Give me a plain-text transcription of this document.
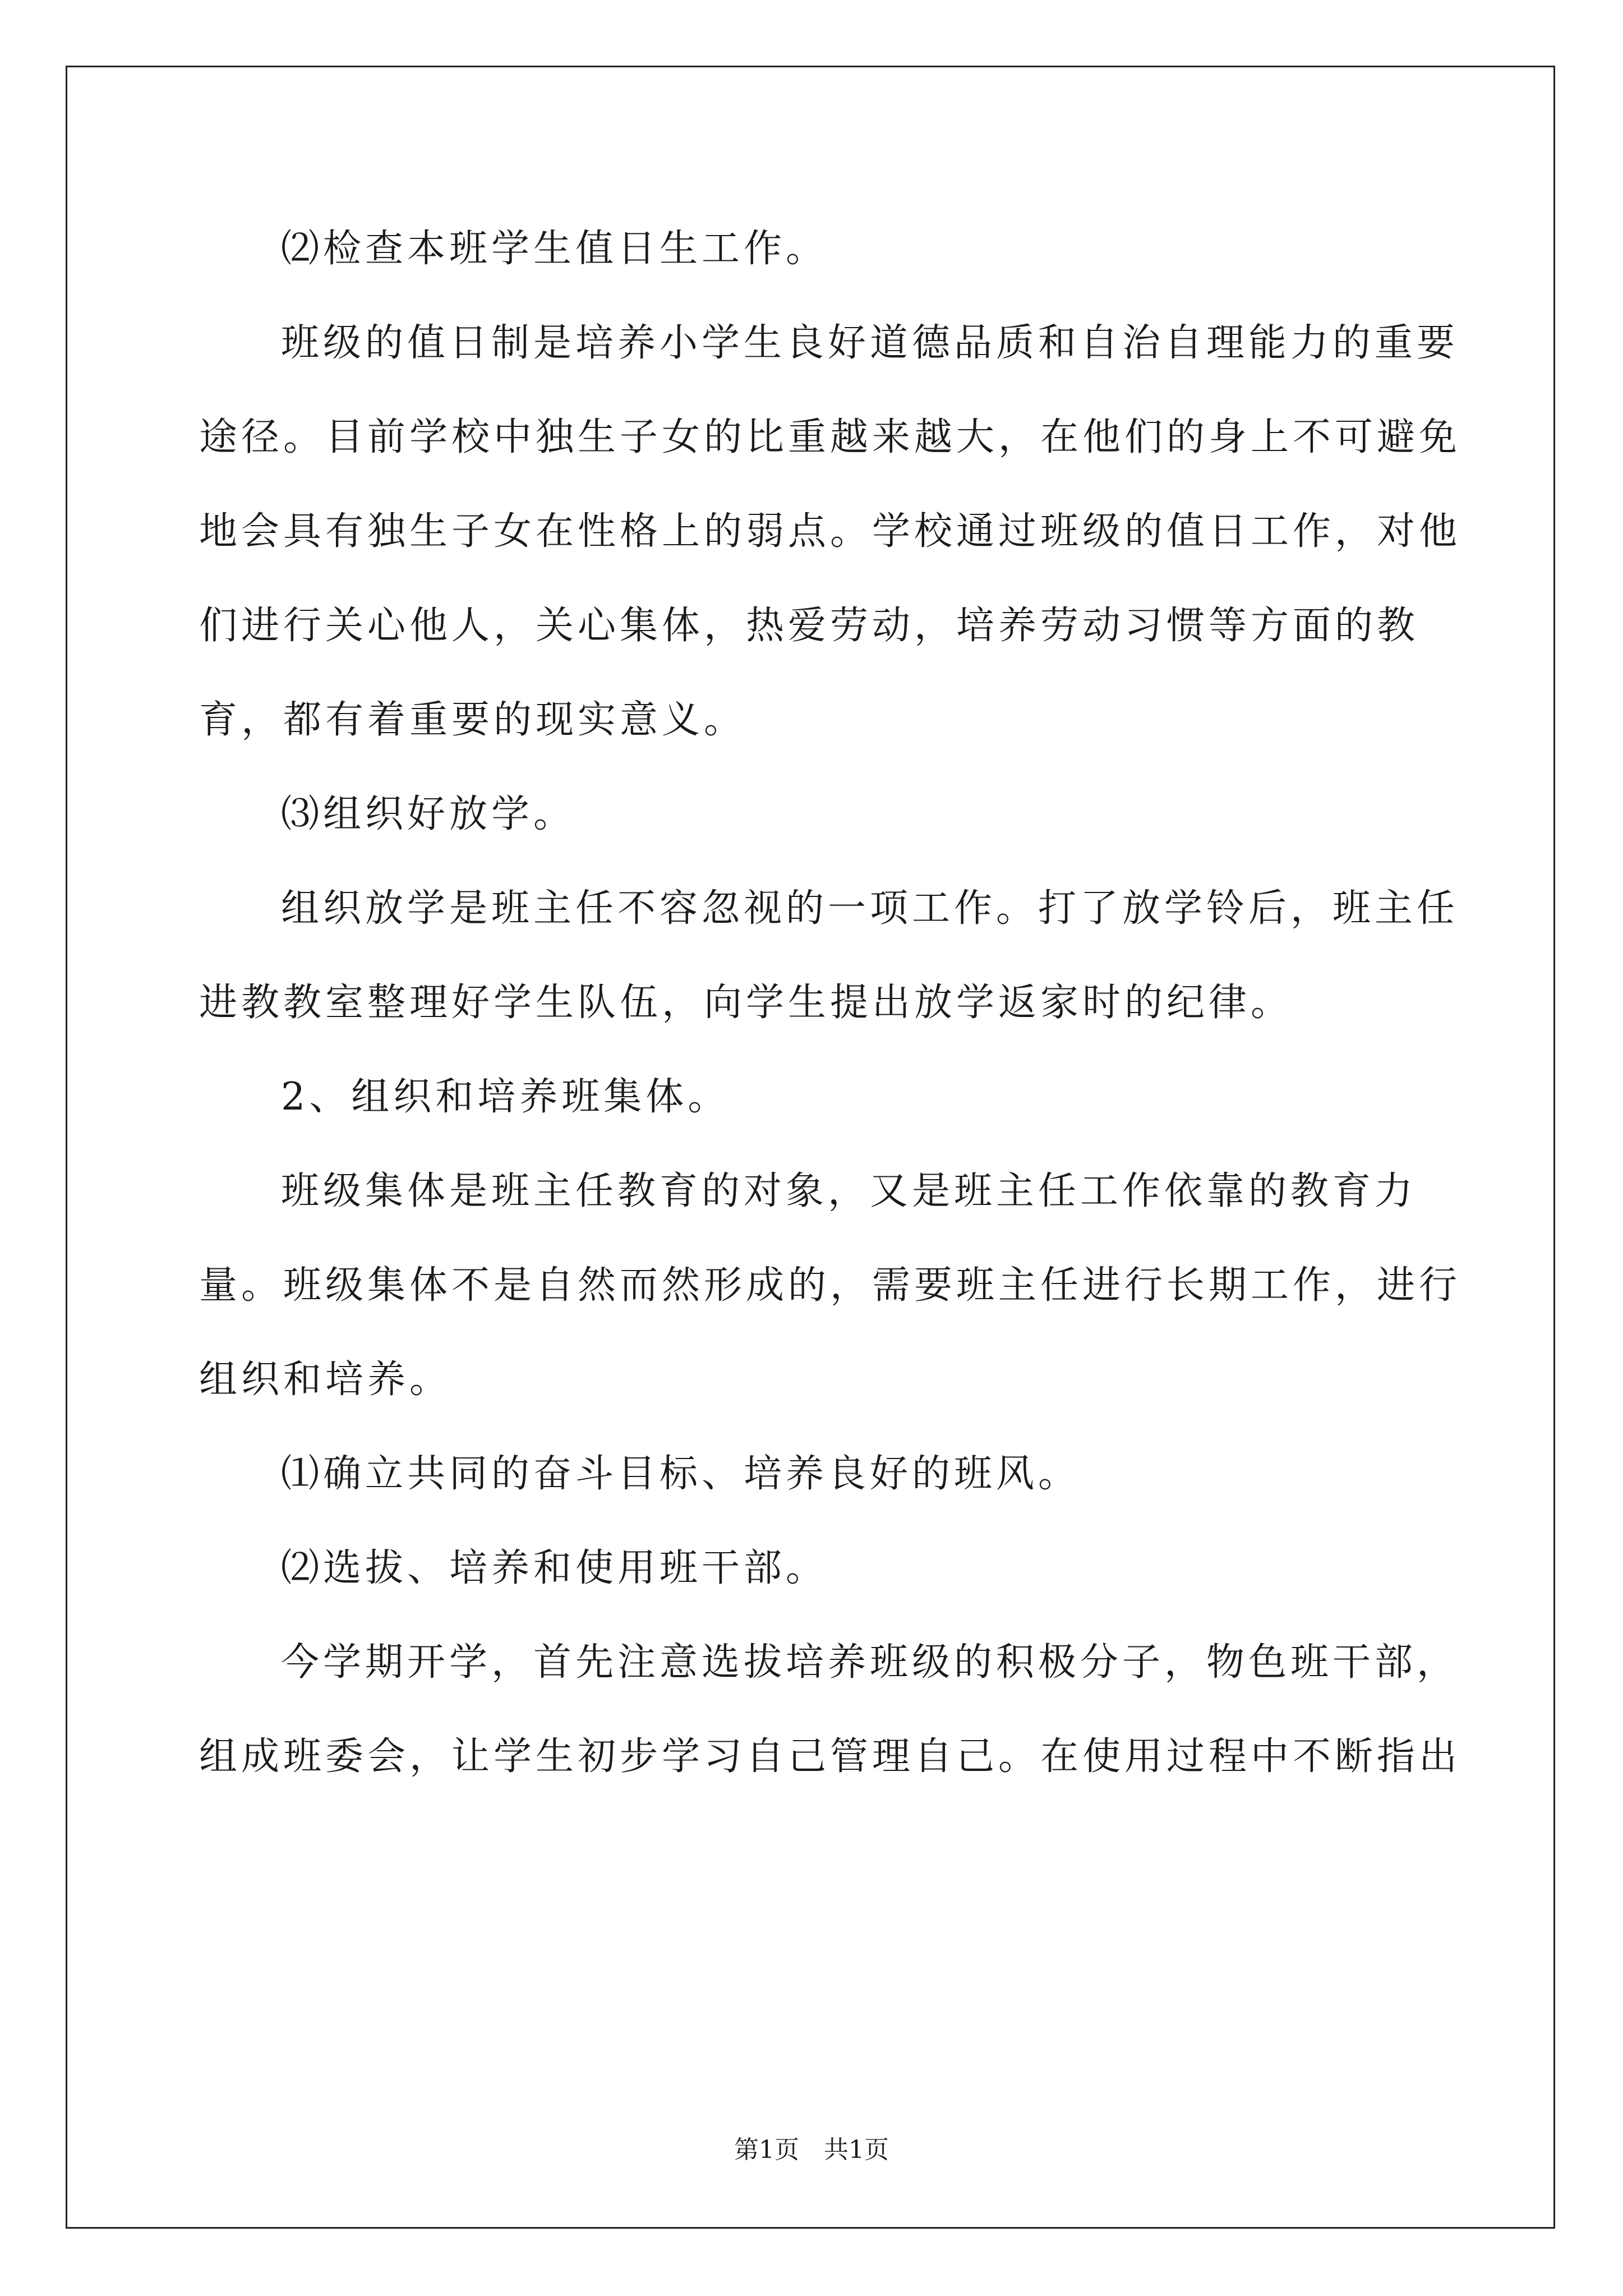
⑵检查本班学生值日生工作。

班级的值日制是培养小学生良好道德品质和自治自理能力的重要途径。目前学校中独生子女的比重越来越大，在他们的身上不可避免地会具有独生子女在性格上的弱点。学校通过班级的值日工作，对他们进行关心他人，关心集体，热爱劳动，培养劳动习惯等方面的教育，都有着重要的现实意义。

⑶组织好放学。

组织放学是班主任不容忽视的一项工作。打了放学铃后，班主任进教教室整理好学生队伍，向学生提出放学返家时的纪律。

2、组织和培养班集体。

班级集体是班主任教育的对象，又是班主任工作依靠的教育力量。班级集体不是自然而然形成的，需要班主任进行长期工作，进行组织和培养。

⑴确立共同的奋斗目标、培养良好的班风。

⑵选拔、培养和使用班干部。

今学期开学，首先注意选拔培养班级的积极分子，物色班干部，组成班委会，让学生初步学习自己管理自己。在使用过程中不断指出

第1页　共1页
